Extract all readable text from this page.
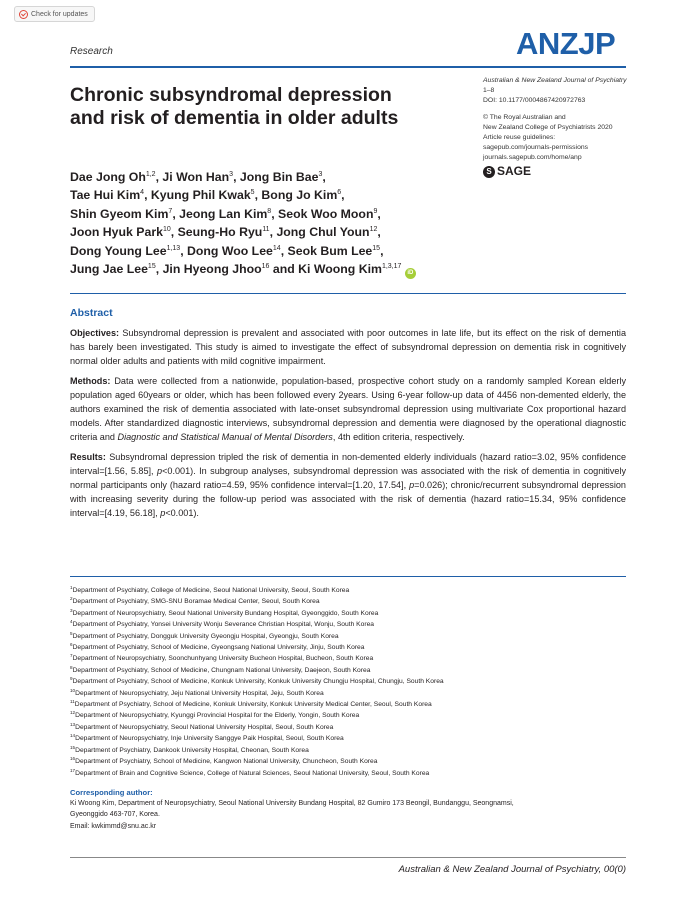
Check for updates
Research	ANZJP
Chronic subsyndromal depression and risk of dementia in older adults
Australian & New Zealand Journal of Psychiatry
1–8
DOI: 10.1177/0004867420972763
© The Royal Australian and
New Zealand College of Psychiatrists 2020
Article reuse guidelines:
sagepub.com/journals-permissions
journals.sagepub.com/home/anp
S SAGE
Dae Jong Oh$^{1,2}$, Ji Won Han$^3$, Jong Bin Bae$^3$,
Tae Hui Kim$^4$, Kyung Phil Kwak$^5$, Bong Jo Kim$^6$,
Shin Gyeom Kim$^7$, Jeong Lan Kim$^8$, Seok Woo Moon$^9$,
Joon Hyuk Park$^{10}$, Seung-Ho Ryu$^{11}$, Jong Chul Youn$^{12}$,
Dong Young Lee$^{1,13}$, Dong Woo Lee$^{14}$, Seok Bum Lee$^{15}$,
Jung Jae Lee$^{15}$, Jin Hyeong Jhoo$^{16}$ and Ki Woong Kim$^{1,3,17}$ iD
Abstract

Objectives: Subsyndromal depression is prevalent and associated with poor outcomes in late life, but its effect on the risk of dementia has barely been investigated. This study is aimed to investigate the effect of subsyndromal depression on dementia risk in cognitively normal older adults and patients with mild cognitive impairment.

Methods: Data were collected from a nationwide, population-based, prospective cohort study on a randomly sampled Korean elderly population aged 60years or older, which has been followed every 2years. Using 6-year follow-up data of 4456 non-demented elderly, the authors examined the risk of dementia associated with late-onset subsyndromal depression using multivariate Cox proportional hazard models. After standardized diagnostic interviews, subsyndromal depression and dementia were diagnosed by the operational diagnostic criteria and Diagnostic and Statistical Manual of Mental Disorders, 4th edition criteria, respectively.

Results: Subsyndromal depression tripled the risk of dementia in non-demented elderly individuals (hazard ratio=3.02, 95% confidence interval=[1.56, 5.85], p<0.001). In subgroup analyses, subsyndromal depression was associated with the risk of dementia in cognitively normal participants only (hazard ratio=4.59, 95% confidence interval=[1.20, 17.54], p=0.026); chronic/recurrent subsyndromal depression with increasing severity during the follow-up period was associated with the risk of dementia (hazard ratio=15.34, 95% confidence interval=[4.19, 56.18], p<0.001).

$^1$Department of Psychiatry, College of Medicine, Seoul National University, Seoul, South Korea
$^2$Department of Psychiatry, SMG-SNU Boramae Medical Center, Seoul, South Korea
$^3$Department of Neuropsychiatry, Seoul National University Bundang Hospital, Gyeonggido, South Korea
$^4$Department of Psychiatry, Yonsei University Wonju Severance Christian Hospital, Wonju, South Korea
$^5$Department of Psychiatry, Dongguk University Gyeongju Hospital, Gyeongju, South Korea
$^6$Department of Psychiatry, School of Medicine, Gyeongsang National University, Jinju, South Korea
$^7$Department of Neuropsychiatry, Soonchunhyang University Bucheon Hospital, Bucheon, South Korea
$^8$Department of Psychiatry, School of Medicine, Chungnam National University, Daejeon, South Korea
$^9$Department of Psychiatry, School of Medicine, Konkuk University, Konkuk University Chungju Hospital, Chungju, South Korea
$^{10}$Department of Neuropsychiatry, Jeju National University Hospital, Jeju, South Korea
$^{11}$Department of Psychiatry, School of Medicine, Konkuk University, Konkuk University Medical Center, Seoul, South Korea
$^{12}$Department of Neuropsychiatry, Kyunggi Provincial Hospital for the Elderly, Yongin, South Korea
$^{13}$Department of Neuropsychiatry, Seoul National University Hospital, Seoul, South Korea
$^{14}$Department of Neuropsychiatry, Inje University Sanggye Paik Hospital, Seoul, South Korea
$^{15}$Department of Psychiatry, Dankook University Hospital, Cheonan, South Korea
$^{16}$Department of Psychiatry, School of Medicine, Kangwon National University, Chuncheon, South Korea
$^{17}$Department of Brain and Cognitive Science, College of Natural Sciences, Seoul National University, Seoul, South Korea
Corresponding author:
Ki Woong Kim, Department of Neuropsychiatry, Seoul National University Bundang Hospital, 82 Gumiro 173 Beongil, Bundanggu, Seongnamsi,
Gyeonggido 463-707, Korea.
Email: kwkimmd@snu.ac.kr
Australian & New Zealand Journal of Psychiatry, 00(0)
